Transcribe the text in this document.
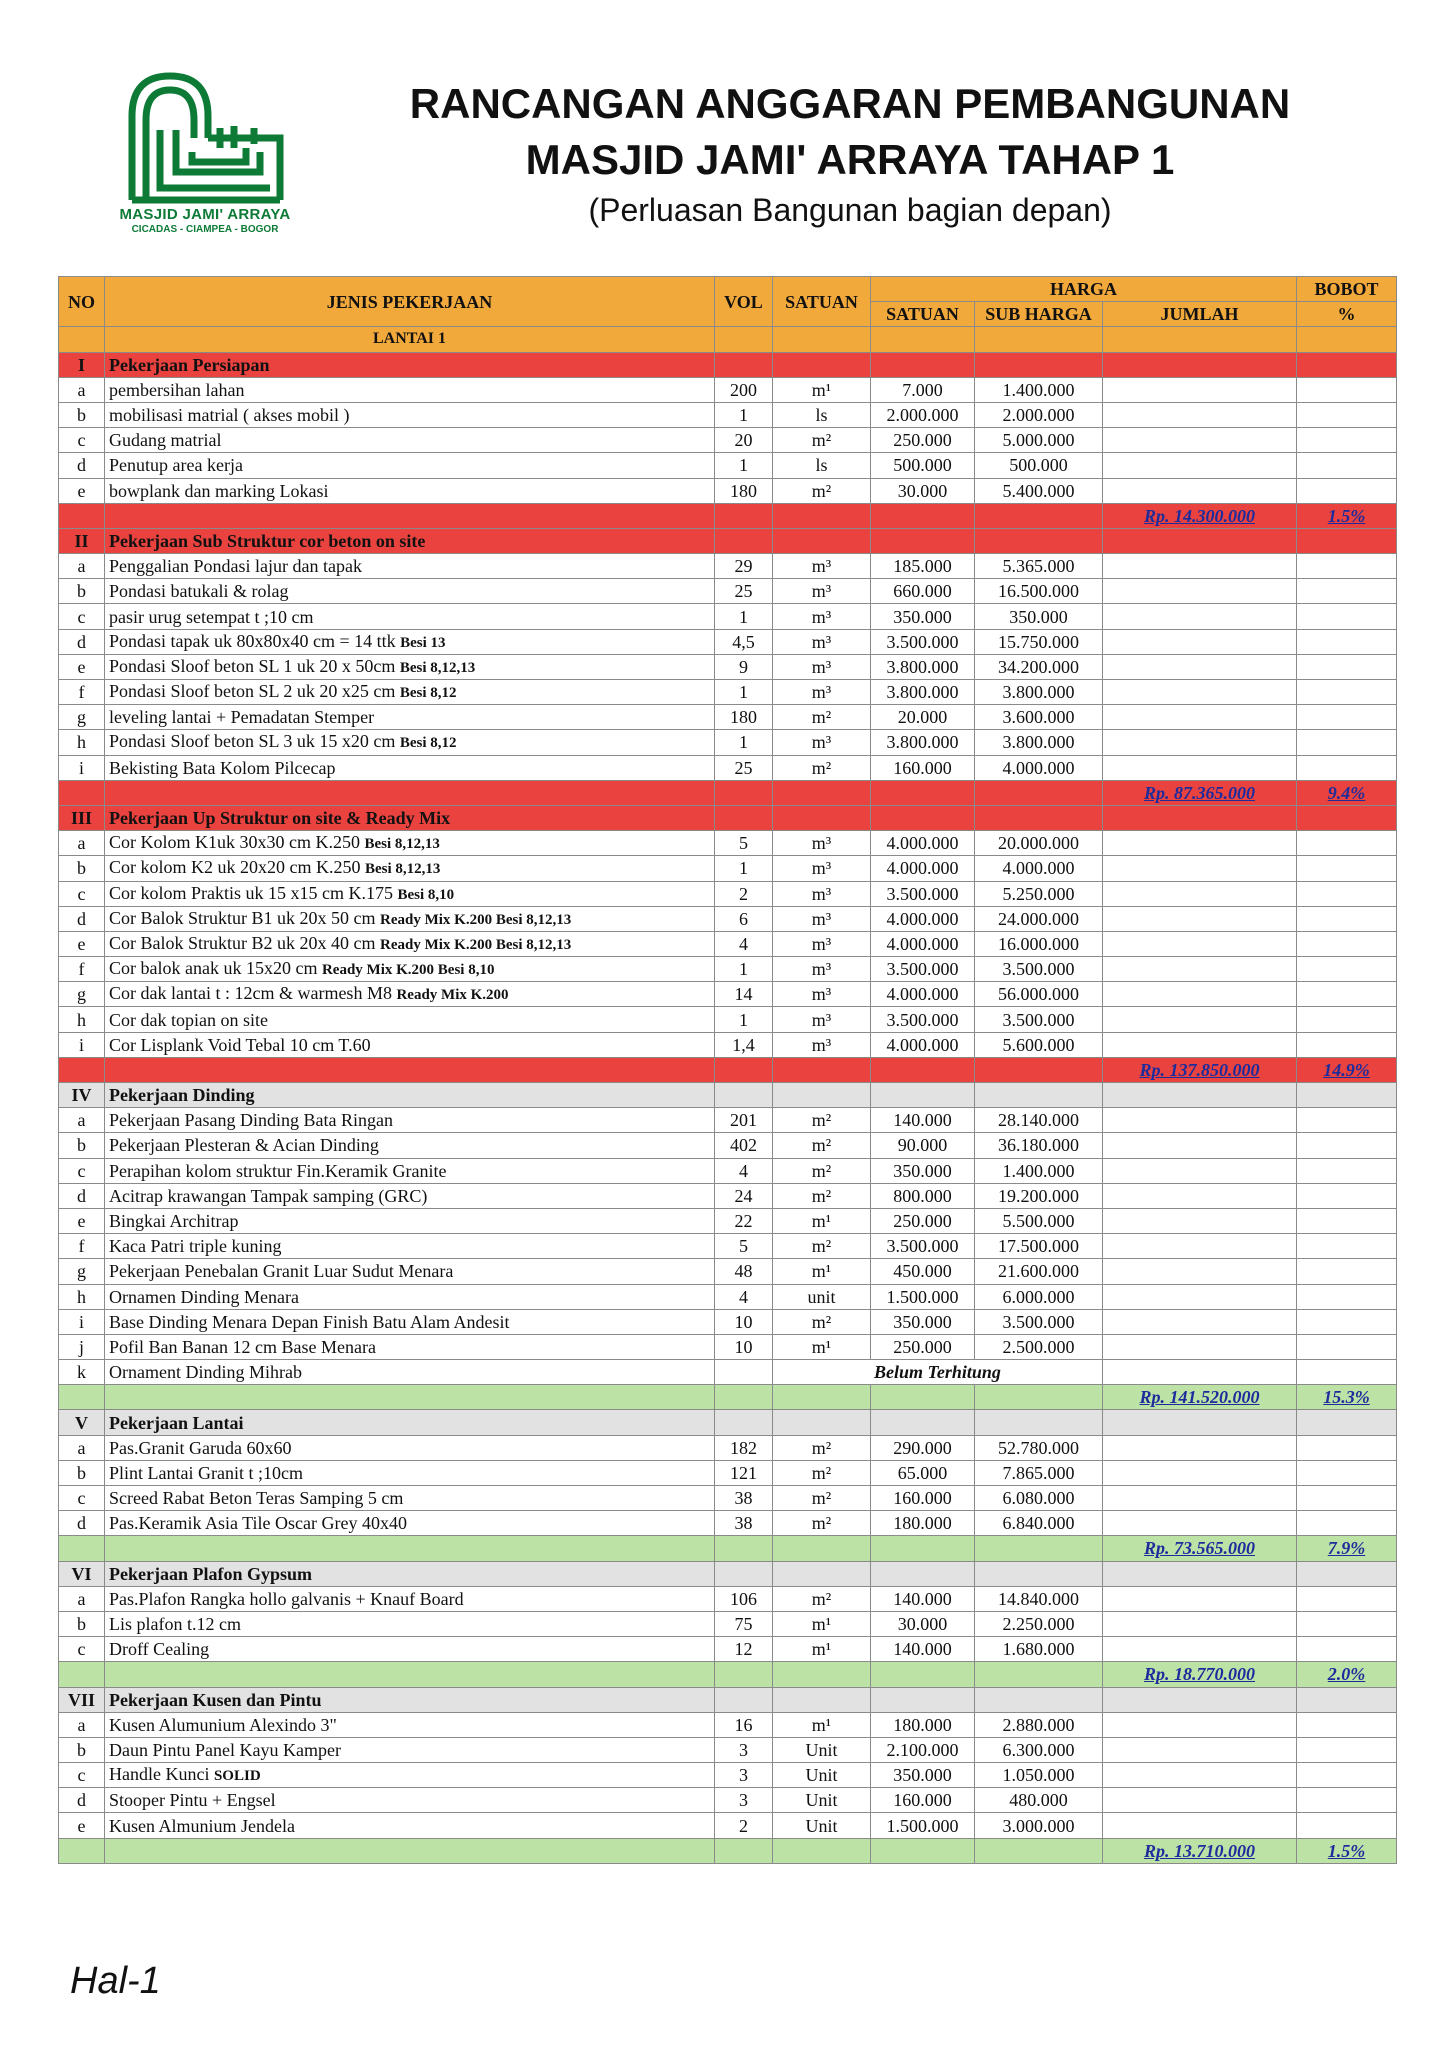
MASJID JAMI' ARRAYA
CICADAS - CIAMPEA - BOGOR
RANCANGAN ANGGARAN PEMBANGUNAN
MASJID JAMI' ARRAYA TAHAP 1
(Perluasan Bangunan bagian depan)
NO	JENIS PEKERJAAN	VOL	SATUAN	HARGA			BOBOT
				SATUAN	SUB HARGA	JUMLAH	%
	LANTAI 1						
I	Pekerjaan Persiapan						
a	pembersihan lahan	200	m¹	7.000	1.400.000		
b	mobilisasi matrial ( akses mobil )	1	ls	2.000.000	2.000.000		
c	Gudang matrial	20	m²	250.000	5.000.000		
d	Penutup area kerja	1	ls	500.000	500.000		
e	bowplank dan marking Lokasi	180	m²	30.000	5.400.000		
						Rp. 14.300.000	1.5%
II	Pekerjaan Sub Struktur cor beton on site						
a	Penggalian Pondasi lajur dan tapak	29	m³	185.000	5.365.000		
b	Pondasi batukali & rolag	25	m³	660.000	16.500.000		
c	pasir urug setempat t ;10 cm	1	m³	350.000	350.000		
d	Pondasi tapak uk 80x80x40 cm = 14 ttk Besi 13	4,5	m³	3.500.000	15.750.000		
e	Pondasi Sloof beton SL 1 uk 20 x 50cm Besi 8,12,13	9	m³	3.800.000	34.200.000		
f	Pondasi Sloof beton SL 2 uk 20 x25 cm Besi 8,12	1	m³	3.800.000	3.800.000		
g	leveling lantai + Pemadatan Stemper	180	m²	20.000	3.600.000		
h	Pondasi Sloof beton SL 3 uk 15 x20 cm Besi 8,12	1	m³	3.800.000	3.800.000		
i	Bekisting Bata Kolom Pilcecap	25	m²	160.000	4.000.000		
						Rp. 87.365.000	9.4%
III	Pekerjaan Up Struktur on site & Ready Mix						
a	Cor Kolom K1uk 30x30 cm K.250 Besi 8,12,13	5	m³	4.000.000	20.000.000		
b	Cor kolom K2 uk 20x20 cm K.250 Besi 8,12,13	1	m³	4.000.000	4.000.000		
c	Cor kolom Praktis uk 15 x15 cm K.175 Besi 8,10	2	m³	3.500.000	5.250.000		
d	Cor Balok Struktur B1 uk 20x 50 cm Ready Mix K.200 Besi 8,12,13	6	m³	4.000.000	24.000.000		
e	Cor Balok Struktur B2 uk 20x 40 cm Ready Mix K.200 Besi 8,12,13	4	m³	4.000.000	16.000.000		
f	Cor balok anak uk 15x20 cm Ready Mix K.200 Besi 8,10	1	m³	3.500.000	3.500.000		
g	Cor dak lantai t : 12cm & warmesh M8 Ready Mix K.200	14	m³	4.000.000	56.000.000		
h	Cor dak topian on site	1	m³	3.500.000	3.500.000		
i	Cor Lisplank Void Tebal 10 cm T.60	1,4	m³	4.000.000	5.600.000		
						Rp. 137.850.000	14.9%
IV	Pekerjaan Dinding						
a	Pekerjaan Pasang Dinding Bata Ringan	201	m²	140.000	28.140.000		
b	Pekerjaan Plesteran & Acian Dinding	402	m²	90.000	36.180.000		
c	Perapihan kolom struktur Fin.Keramik Granite	4	m²	350.000	1.400.000		
d	Acitrap krawangan Tampak samping (GRC)	24	m²	800.000	19.200.000		
e	Bingkai Architrap	22	m¹	250.000	5.500.000		
f	Kaca Patri triple kuning	5	m²	3.500.000	17.500.000		
g	Pekerjaan Penebalan Granit Luar Sudut Menara	48	m¹	450.000	21.600.000		
h	Ornamen Dinding Menara	4	unit	1.500.000	6.000.000		
i	Base Dinding Menara Depan Finish Batu Alam Andesit	10	m²	350.000	3.500.000		
j	Pofil Ban Banan 12 cm Base Menara	10	m¹	250.000	2.500.000		
k	Ornament Dinding Mihrab		Belum Terhitung				
						Rp. 141.520.000	15.3%
V	Pekerjaan Lantai						
a	Pas.Granit Garuda 60x60	182	m²	290.000	52.780.000		
b	Plint Lantai Granit t ;10cm	121	m²	65.000	7.865.000		
c	Screed Rabat Beton Teras Samping 5 cm	38	m²	160.000	6.080.000		
d	Pas.Keramik Asia Tile Oscar Grey 40x40	38	m²	180.000	6.840.000		
						Rp. 73.565.000	7.9%
VI	Pekerjaan Plafon Gypsum						
a	Pas.Plafon Rangka hollo galvanis + Knauf Board	106	m²	140.000	14.840.000		
b	Lis plafon t.12 cm	75	m¹	30.000	2.250.000		
c	Droff Cealing	12	m¹	140.000	1.680.000		
						Rp. 18.770.000	2.0%
VII	Pekerjaan Kusen dan Pintu						
a	Kusen Alumunium Alexindo 3"	16	m¹	180.000	2.880.000		
b	Daun Pintu Panel Kayu Kamper	3	Unit	2.100.000	6.300.000		
c	Handle Kunci SOLID	3	Unit	350.000	1.050.000		
d	Stooper Pintu + Engsel	3	Unit	160.000	480.000		
e	Kusen Almunium Jendela	2	Unit	1.500.000	3.000.000		
						Rp. 13.710.000	1.5%
Hal-1
